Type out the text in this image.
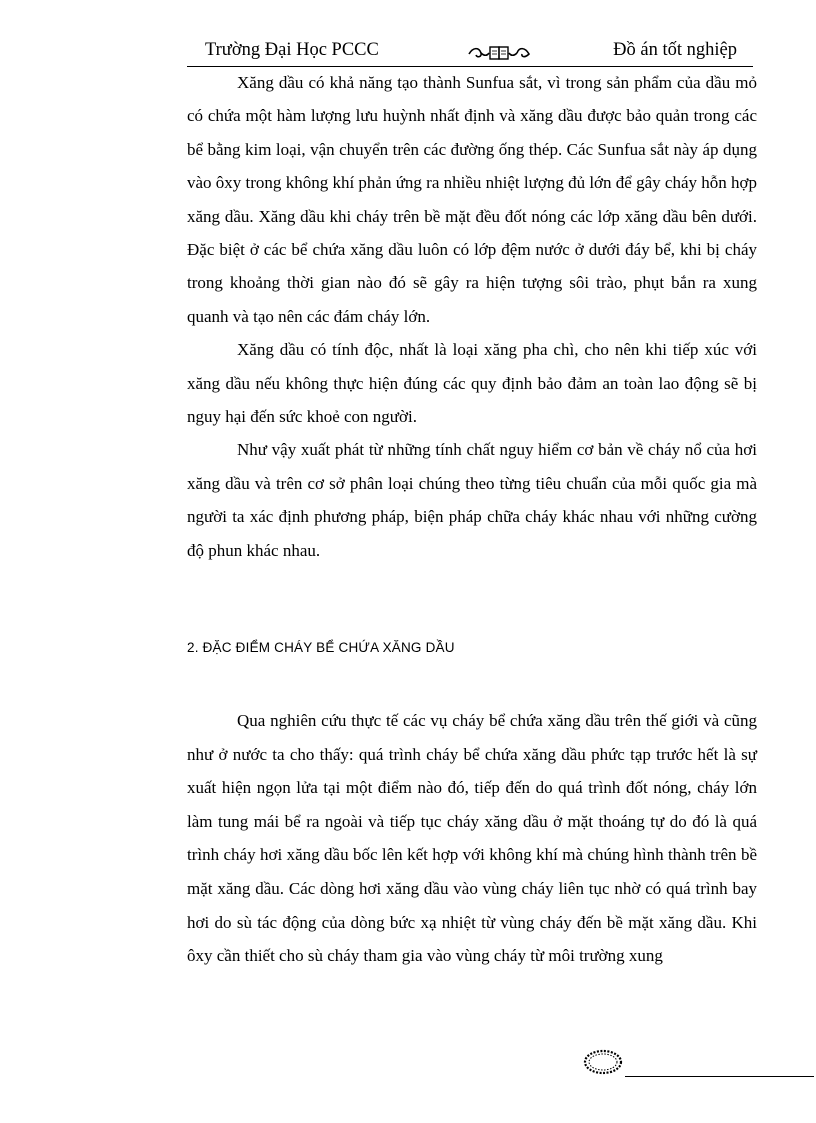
Trường Đại Học PCCC	Đồ án tốt nghiệp

Xăng dầu có khả năng tạo thành Sunfua sắt, vì trong sản phẩm của dầu mỏ có chứa một hàm lượng lưu huỳnh nhất định và xăng dầu được bảo quản trong các bể bằng kim loại, vận chuyển trên các đường ống thép. Các Sunfua sắt này áp dụng vào ôxy trong không khí phản ứng ra nhiều nhiệt lượng đủ lớn để gây cháy hỗn hợp xăng dầu. Xăng dầu khi cháy trên bề mặt đều đốt nóng các lớp xăng dầu bên dưới. Đặc biệt ở các bể chứa xăng dầu luôn có lớp đệm nước ở dưới đáy bể, khi bị cháy trong khoảng thời gian nào đó sẽ gây ra hiện tượng sôi trào, phụt bắn ra xung quanh và tạo nên các đám cháy lớn.

Xăng dầu có tính độc, nhất là loại xăng pha chì, cho nên khi tiếp xúc với xăng dầu nếu không thực hiện đúng các quy định bảo đảm an toàn lao động sẽ bị nguy hại đến sức khoẻ con người.

Như vậy xuất phát từ những tính chất nguy hiểm cơ bản về cháy nổ của hơi xăng dầu và trên cơ sở phân loại chúng theo từng tiêu chuẩn của mỗi quốc gia mà người ta xác định phương pháp, biện pháp chữa cháy khác nhau với những cường độ phun khác nhau.

2. ĐẶC ĐIỂM CHÁY BỂ CHỨA XĂNG DẦU

Qua nghiên cứu thực tế các vụ cháy bể chứa xăng dầu trên thế giới và cũng như ở nước ta cho thấy: quá trình cháy bể chứa xăng dầu phức tạp trước hết là sự xuất hiện ngọn lửa tại một điểm nào đó, tiếp đến do quá trình đốt nóng, cháy lớn làm tung mái bể ra ngoài và tiếp tục cháy xăng dầu ở mặt thoáng tự do đó là quá trình cháy hơi xăng dầu bốc lên kết hợp với không khí mà chúng hình thành trên bề mặt xăng dầu. Các dòng hơi xăng dầu vào vùng cháy liên tục nhờ có quá trình bay hơi do sù tác động của dòng bức xạ nhiệt từ vùng cháy đến bề mặt xăng dầu. Khi ôxy cần thiết cho sù cháy tham gia vào vùng cháy từ môi trường xung
